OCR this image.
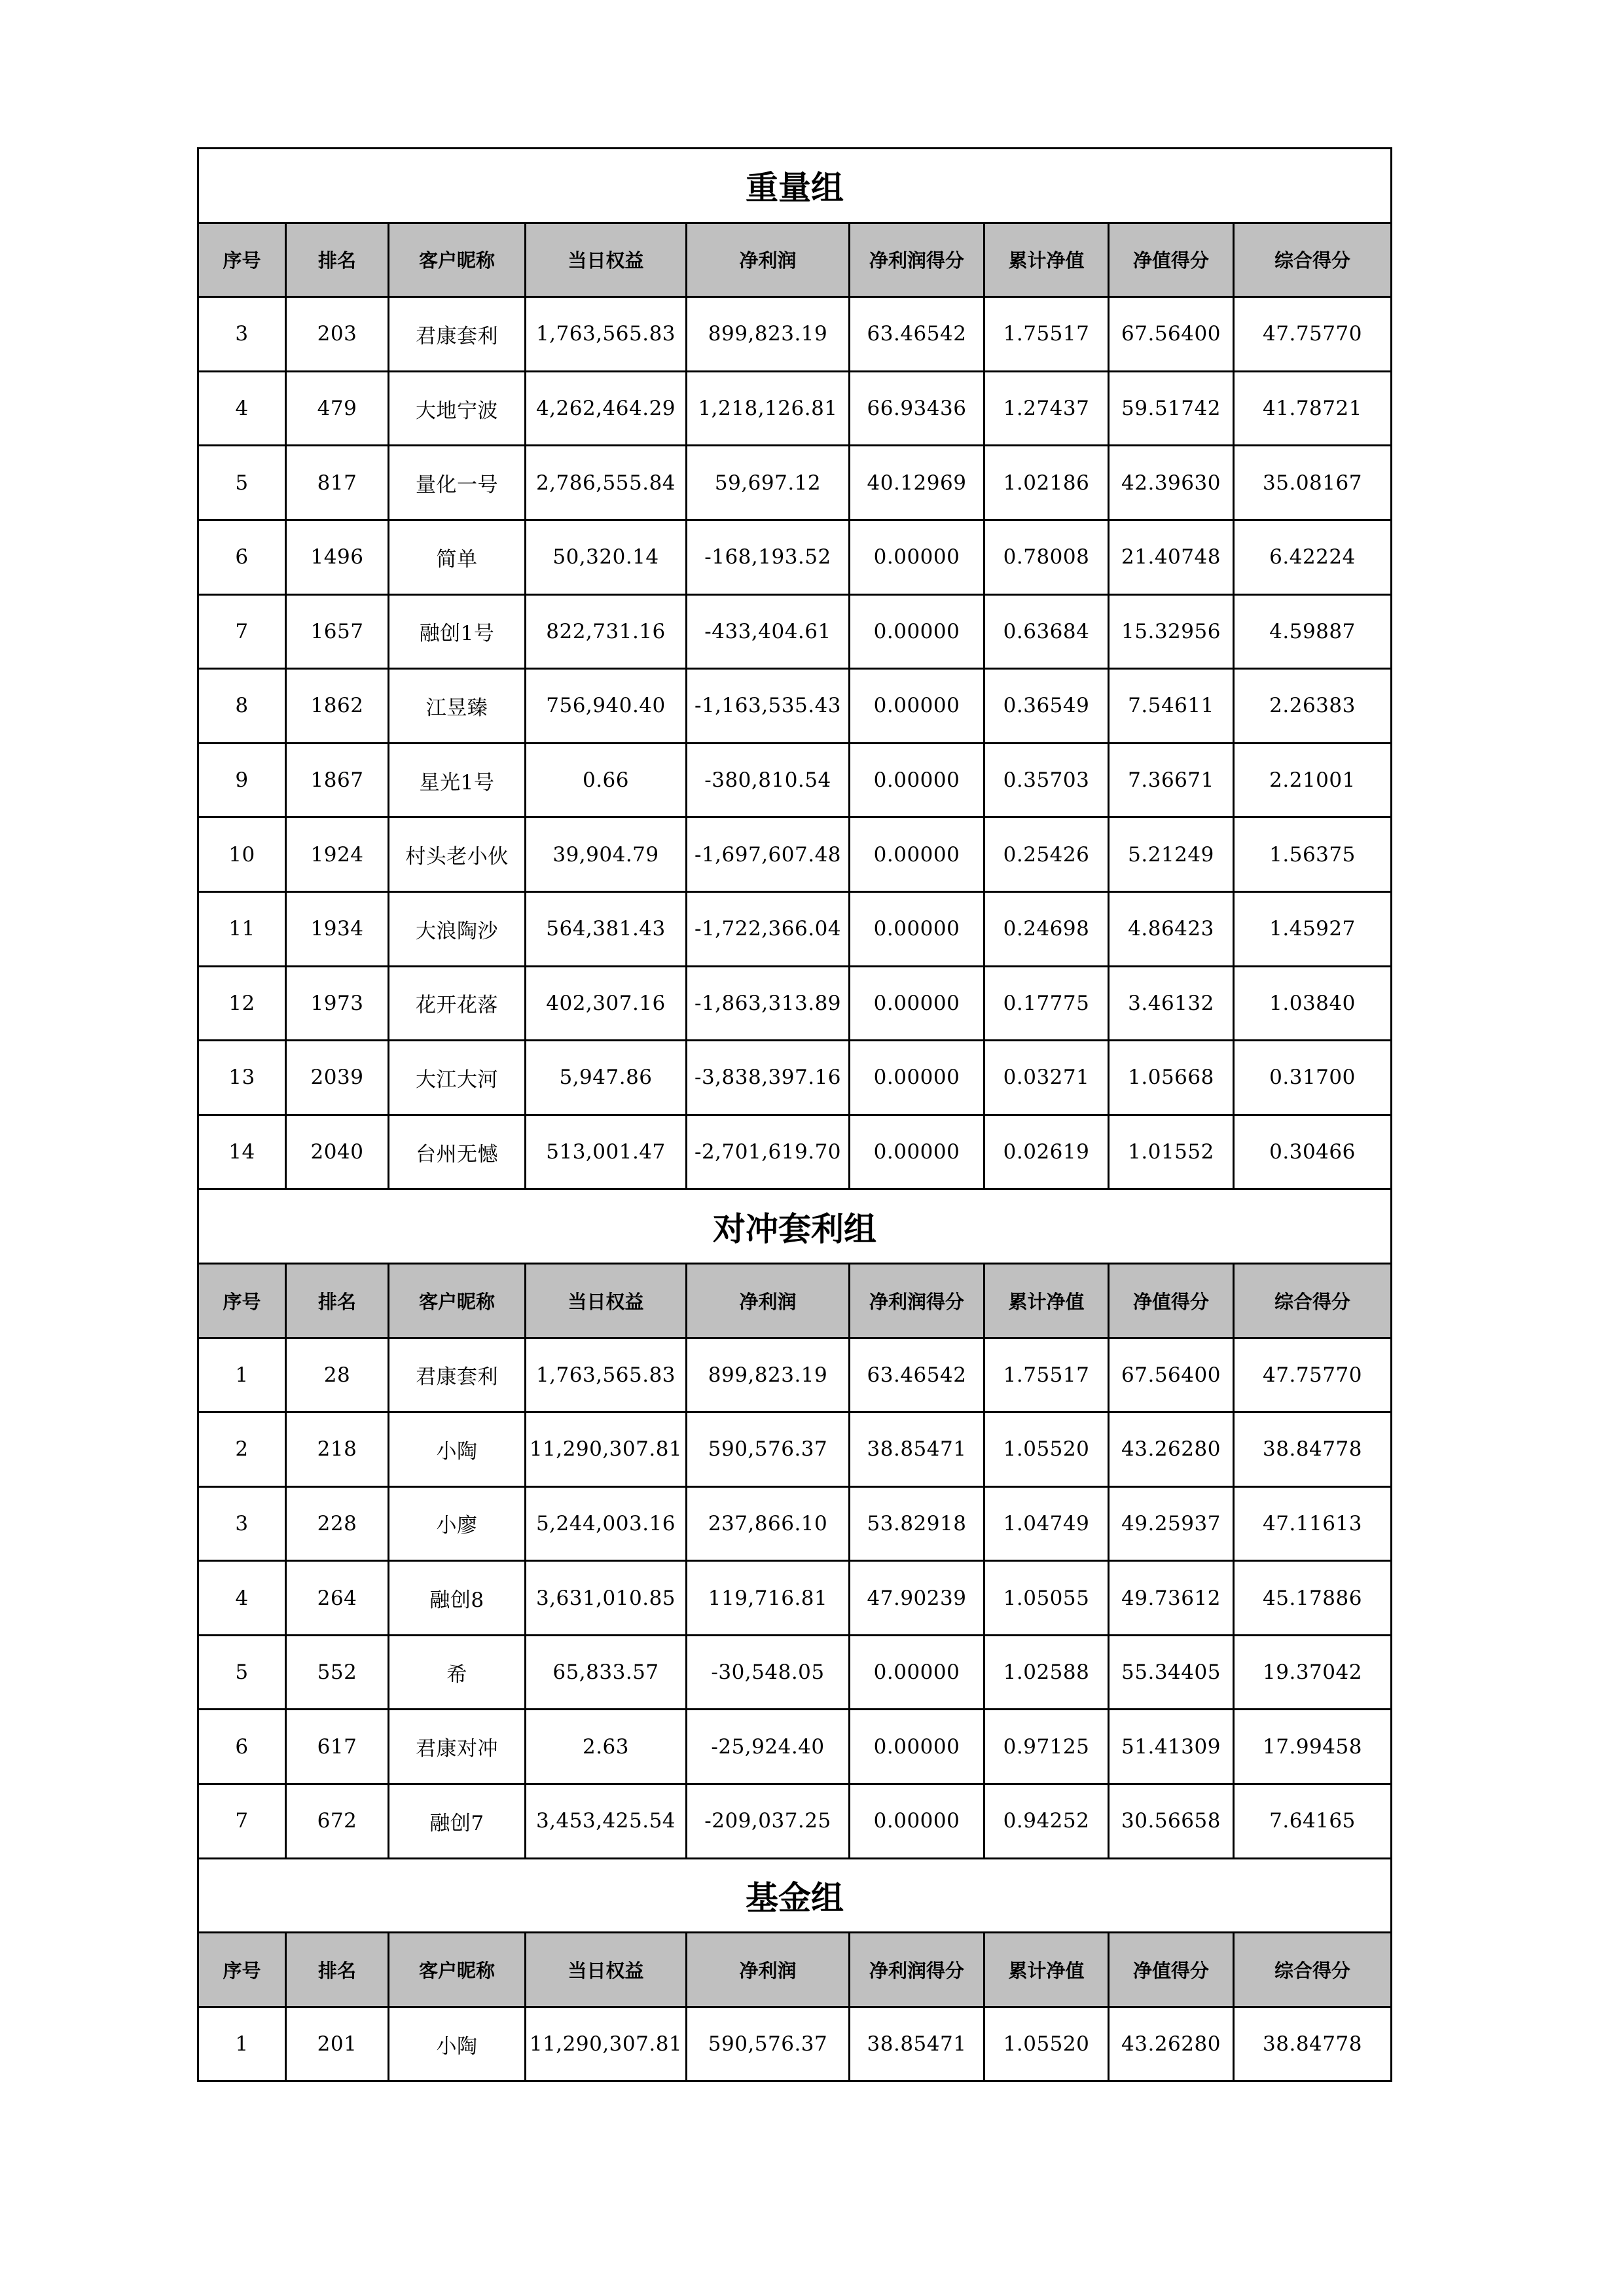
重量组								
序号	排名	客户昵称	当日权益	净利润	净利润得分	累计净值	净值得分	综合得分
3	203	君康套利	1,763,565.83	899,823.19	63.46542	1.75517	67.56400	47.75770
4	479	大地宁波	4,262,464.29	1,218,126.81	66.93436	1.27437	59.51742	41.78721
5	817	量化一号	2,786,555.84	59,697.12	40.12969	1.02186	42.39630	35.08167
6	1496	简单	50,320.14	-168,193.52	0.00000	0.78008	21.40748	6.42224
7	1657	融创1号	822,731.16	-433,404.61	0.00000	0.63684	15.32956	4.59887
8	1862	江昱臻	756,940.40	-1,163,535.43	0.00000	0.36549	7.54611	2.26383
9	1867	星光1号	0.66	-380,810.54	0.00000	0.35703	7.36671	2.21001
10	1924	村头老小伙	39,904.79	-1,697,607.48	0.00000	0.25426	5.21249	1.56375
11	1934	大浪陶沙	564,381.43	-1,722,366.04	0.00000	0.24698	4.86423	1.45927
12	1973	花开花落	402,307.16	-1,863,313.89	0.00000	0.17775	3.46132	1.03840
13	2039	大江大河	5,947.86	-3,838,397.16	0.00000	0.03271	1.05668	0.31700
14	2040	台州无憾	513,001.47	-2,701,619.70	0.00000	0.02619	1.01552	0.30466
对冲套利组								
序号	排名	客户昵称	当日权益	净利润	净利润得分	累计净值	净值得分	综合得分
1	28	君康套利	1,763,565.83	899,823.19	63.46542	1.75517	67.56400	47.75770
2	218	小陶	11,290,307.81	590,576.37	38.85471	1.05520	43.26280	38.84778
3	228	小廖	5,244,003.16	237,866.10	53.82918	1.04749	49.25937	47.11613
4	264	融创8	3,631,010.85	119,716.81	47.90239	1.05055	49.73612	45.17886
5	552	希	65,833.57	-30,548.05	0.00000	1.02588	55.34405	19.37042
6	617	君康对冲	2.63	-25,924.40	0.00000	0.97125	51.41309	17.99458
7	672	融创7	3,453,425.54	-209,037.25	0.00000	0.94252	30.56658	7.64165
基金组								
序号	排名	客户昵称	当日权益	净利润	净利润得分	累计净值	净值得分	综合得分
1	201	小陶	11,290,307.81	590,576.37	38.85471	1.05520	43.26280	38.84778
